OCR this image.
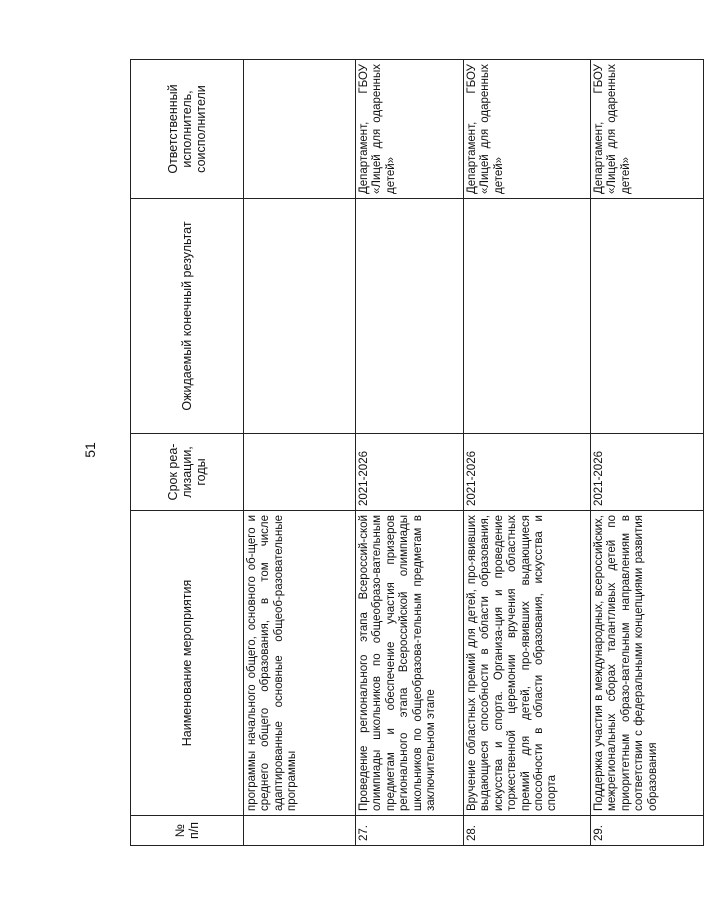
51
№ п/п	Наименование мероприятия	Срок реа-лизации, годы	Ожидаемый конечный результат	Ответственный исполнитель, соисполнители
	программы начального общего, основного об-щего и среднего общего образования, в том числе адаптированные основные общеоб-разовательные программы			
27.	Проведение регионального этапа Всероссий-ской олимпиады школьников по общеобразо-вательным предметам и обеспечение участия призеров регионального этапа Всероссийской олимпиады школьников по общеобразова-тельным предметам в заключительном этапе	2021-2026		Департамент, ГБОУ «Лицей для одаренных детей»
28.	Вручение областных премий для детей, про-явивших выдающиеся способности в области образования, искусства и спорта. Организа-ция и проведение торжественной церемонии вручения областных премий для детей, про-явивших выдающиеся способности в области образования, искусства и спорта	2021-2026		Департамент, ГБОУ «Лицей для одаренных детей»
29.	Поддержка участия в международных, всероссийских, межрегиональных сборах талантливых детей по приоритетным образо-вательным направлениям в соответствии с федеральными концепциями развития образования	2021-2026		Департамент, ГБОУ «Лицей для одаренных детей»
